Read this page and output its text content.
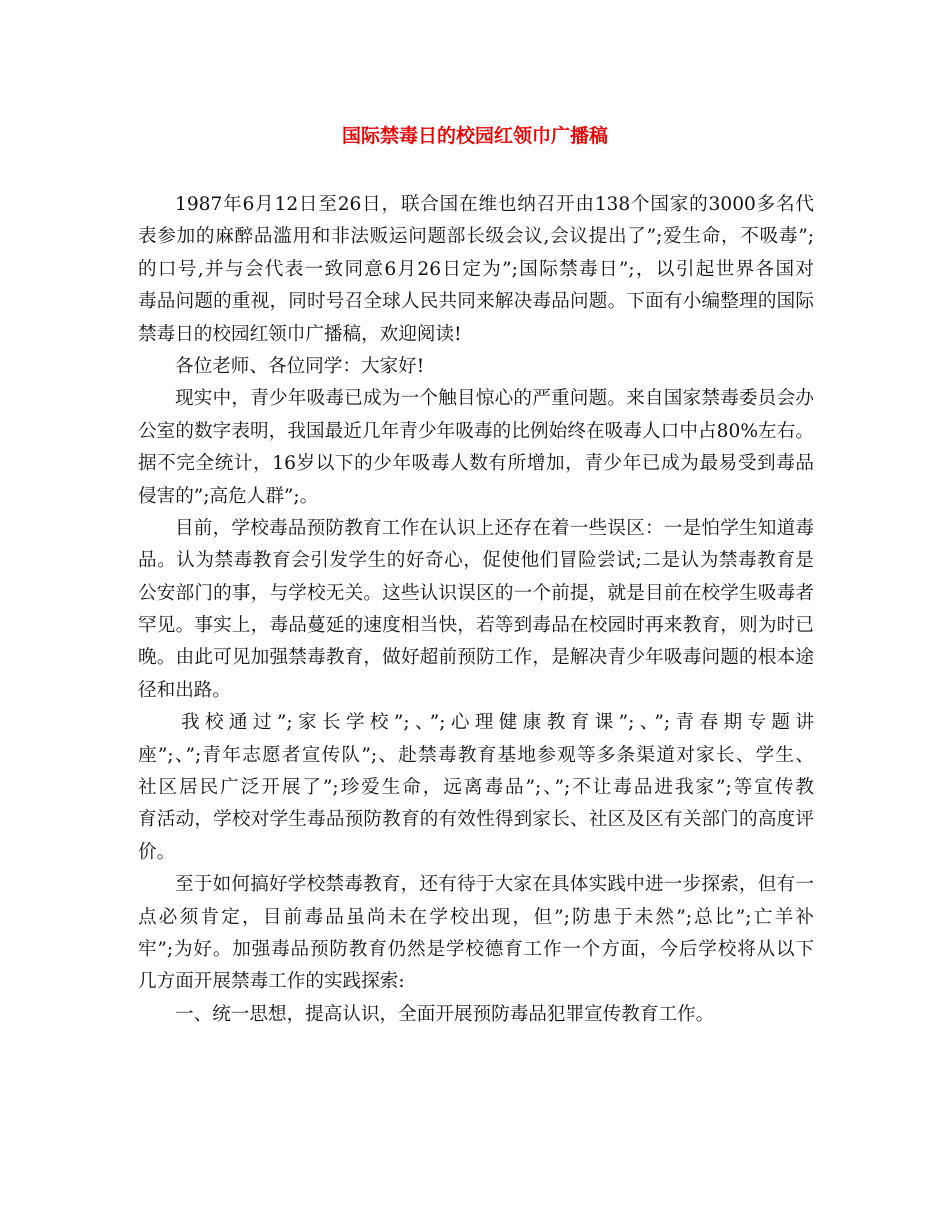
国际禁毒日的校园红领巾广播稿
1987年6月12日至26日，联合国在维也纳召开由138个国家的3000多名代
表参加的麻醉品滥用和非法贩运问题部长级会议,会议提出了”;爱生命，不吸毒”;
的口号,并与会代表一致同意6月26日定为”;国际禁毒日”;，以引起世界各国对
毒品问题的重视，同时号召全球人民共同来解决毒品问题。下面有小编整理的国际
禁毒日的校园红领巾广播稿，欢迎阅读!
各位老师、各位同学：大家好!
现实中，青少年吸毒已成为一个触目惊心的严重问题。来自国家禁毒委员会办
公室的数字表明，我国最近几年青少年吸毒的比例始终在吸毒人口中占80%左右。
据不完全统计，16岁以下的少年吸毒人数有所增加，青少年已成为最易受到毒品
侵害的”;高危人群”;。
目前，学校毒品预防教育工作在认识上还存在着一些误区：一是怕学生知道毒
品。认为禁毒教育会引发学生的好奇心，促使他们冒险尝试;二是认为禁毒教育是
公安部门的事，与学校无关。这些认识误区的一个前提，就是目前在校学生吸毒者
罕见。事实上，毒品蔓延的速度相当快，若等到毒品在校园时再来教育，则为时已
晚。由此可见加强禁毒教育，做好超前预防工作，是解决青少年吸毒问题的根本途
径和出路。
我校通过”;家长学校”;、”;心理健康教育课”;、”;青春期专题讲
座”;、”;青年志愿者宣传队”;、赴禁毒教育基地参观等多条渠道对家长、学生、
社区居民广泛开展了”;珍爱生命，远离毒品”;、”;不让毒品进我家”;等宣传教
育活动，学校对学生毒品预防教育的有效性得到家长、社区及区有关部门的高度评
价。
至于如何搞好学校禁毒教育，还有待于大家在具体实践中进一步探索，但有一
点必须肯定，目前毒品虽尚未在学校出现，但”;防患于未然”;总比”;亡羊补
牢”;为好。加强毒品预防教育仍然是学校德育工作一个方面，今后学校将从以下
几方面开展禁毒工作的实践探索:
一、统一思想，提高认识，全面开展预防毒品犯罪宣传教育工作。
